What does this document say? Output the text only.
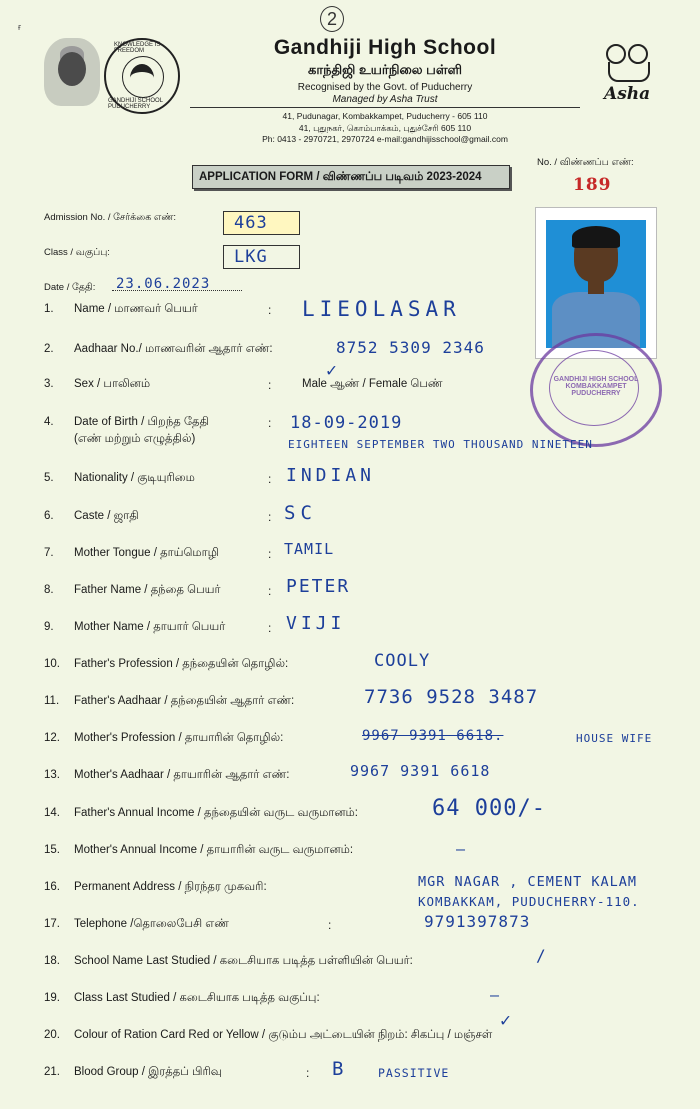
ғ	2
KNOWLEDGE IS FREEDOM
GANDHIJI SCHOOL PUDUCHERRY
Gandhiji High School
காந்திஜி உயர்நிலை பள்ளி
Recognised by the Govt. of Puducherry
Managed by Asha Trust
41, Pudunagar, Kombakkampet, Puducherry - 605 110
41, புதுநகர், கொம்பாக்கம், புதுச்சேரி 605 110
Ph: 0413 - 2970721, 2970724 e-mail:gandhijisschool@gmail.com
Asha
APPLICATION FORM / விண்ணப்ப படிவம் 2023-2024
No. / விண்ணப்ப எண்:
189
Admission No. / சேர்க்கை எண்:	463
Class / வகுப்பு:	LKG
Date / தேதி: 23.06.2023
GANDHIJI HIGH SCHOOL KOMBAKKAMPET PUDUCHERRY
1. Name / மாணவர் பெயர்	: LIEOLASAR
2. Aadhaar No./ மாணவரின் ஆதார் எண்:	8752 5309 2346
3. Sex / பாலினம்	:	Male ஆண் / Female பெண்
✓
4. Date of Birth / பிறந்த தேதி
(எண் மற்றும் எழுத்தில்)
: 18-09-2019
EIGHTEEN SEPTEMBER TWO THOUSAND NINETEEN
5. Nationality / குடியுரிமை	: INDIAN
6. Caste / ஜாதி	: SC
7. Mother Tongue / தாய்மொழி	: TAMIL
8. Father Name / தந்தை பெயர்	: PETER
9. Mother Name / தாயார் பெயர்	: VIJI
10. Father's Profession / தந்தையின் தொழில்:	COOLY
11. Father's Aadhaar / தந்தையின் ஆதார் எண்:	7736 9528 3487
12. Mother's Profession / தாயாரின் தொழில்:	9967 9391 6618.	HOUSE WIFE
13. Mother's Aadhaar / தாயாரின் ஆதார் எண்:	9967 9391 6618
14. Father's Annual Income / தந்தையின் வருட வருமானம்:	64 000/-
15. Mother's Annual Income / தாயாரின் வருட வருமானம்:	—
16. Permanent Address / நிரந்தர முகவரி:	MGR NAGAR , CEMENT KALAM
KOMBAKKAM, PUDUCHERRY-110.
17. Telephone /தொலைபேசி எண்	:	9791397873
18. School Name Last Studied / கடைசியாக படித்த பள்ளியின் பெயர்:	/
19. Class Last Studied / கடைசியாக படித்த வகுப்பு:	—
20. Colour of Ration Card Red or Yellow / குடும்ப அட்டையின் நிறம்: சிகப்பு / மஞ்சள்
✓
21. Blood Group / இரத்தப் பிரிவு	: B	PASSITIVE
